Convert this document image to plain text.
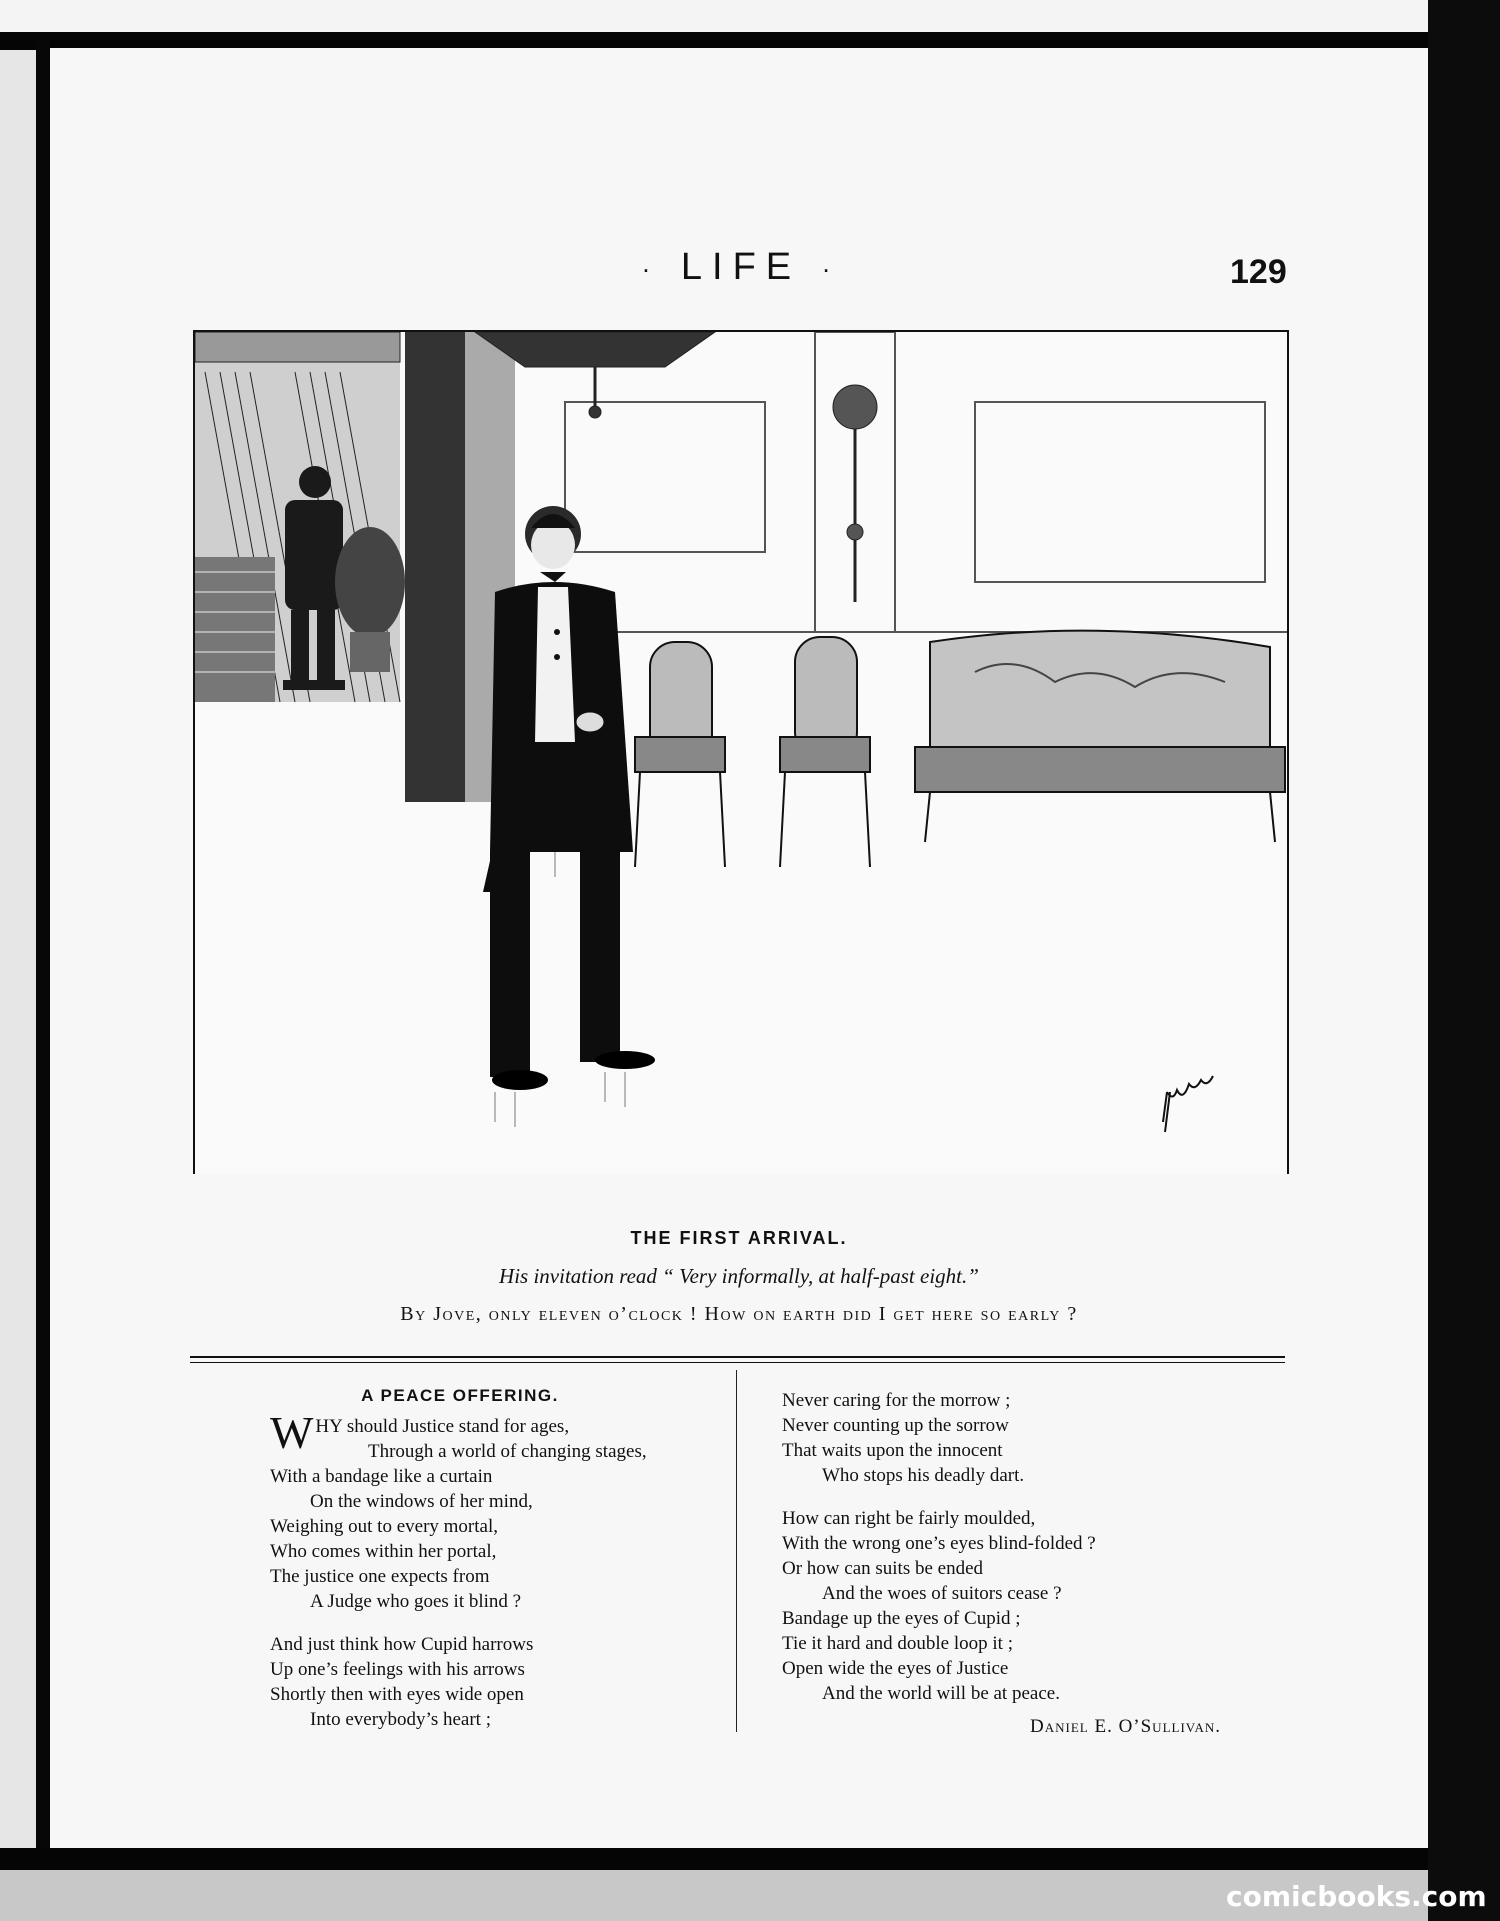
· LIFE ·	129
THE FIRST ARRIVAL.
His invitation read “ Very informally, at half-past eight.”
By Jove, only eleven o’clock ! How on earth did I get here so early ?
A PEACE OFFERING.
WHY should Justice stand for ages,
Through a world of changing stages,
With a bandage like a curtain
On the windows of her mind,
Weighing out to every mortal,
Who comes within her portal,
The justice one expects from
A Judge who goes it blind ?
And just think how Cupid harrows
Up one’s feelings with his arrows
Shortly then with eyes wide open
Into everybody’s heart ;
Never caring for the morrow ;
Never counting up the sorrow
That waits upon the innocent
Who stops his deadly dart.
How can right be fairly moulded,
With the wrong one’s eyes blind-folded ?
Or how can suits be ended
And the woes of suitors cease ?
Bandage up the eyes of Cupid ;
Tie it hard and double loop it ;
Open wide the eyes of Justice
And the world will be at peace.
Daniel E. O’Sullivan.
comicbooks.com
